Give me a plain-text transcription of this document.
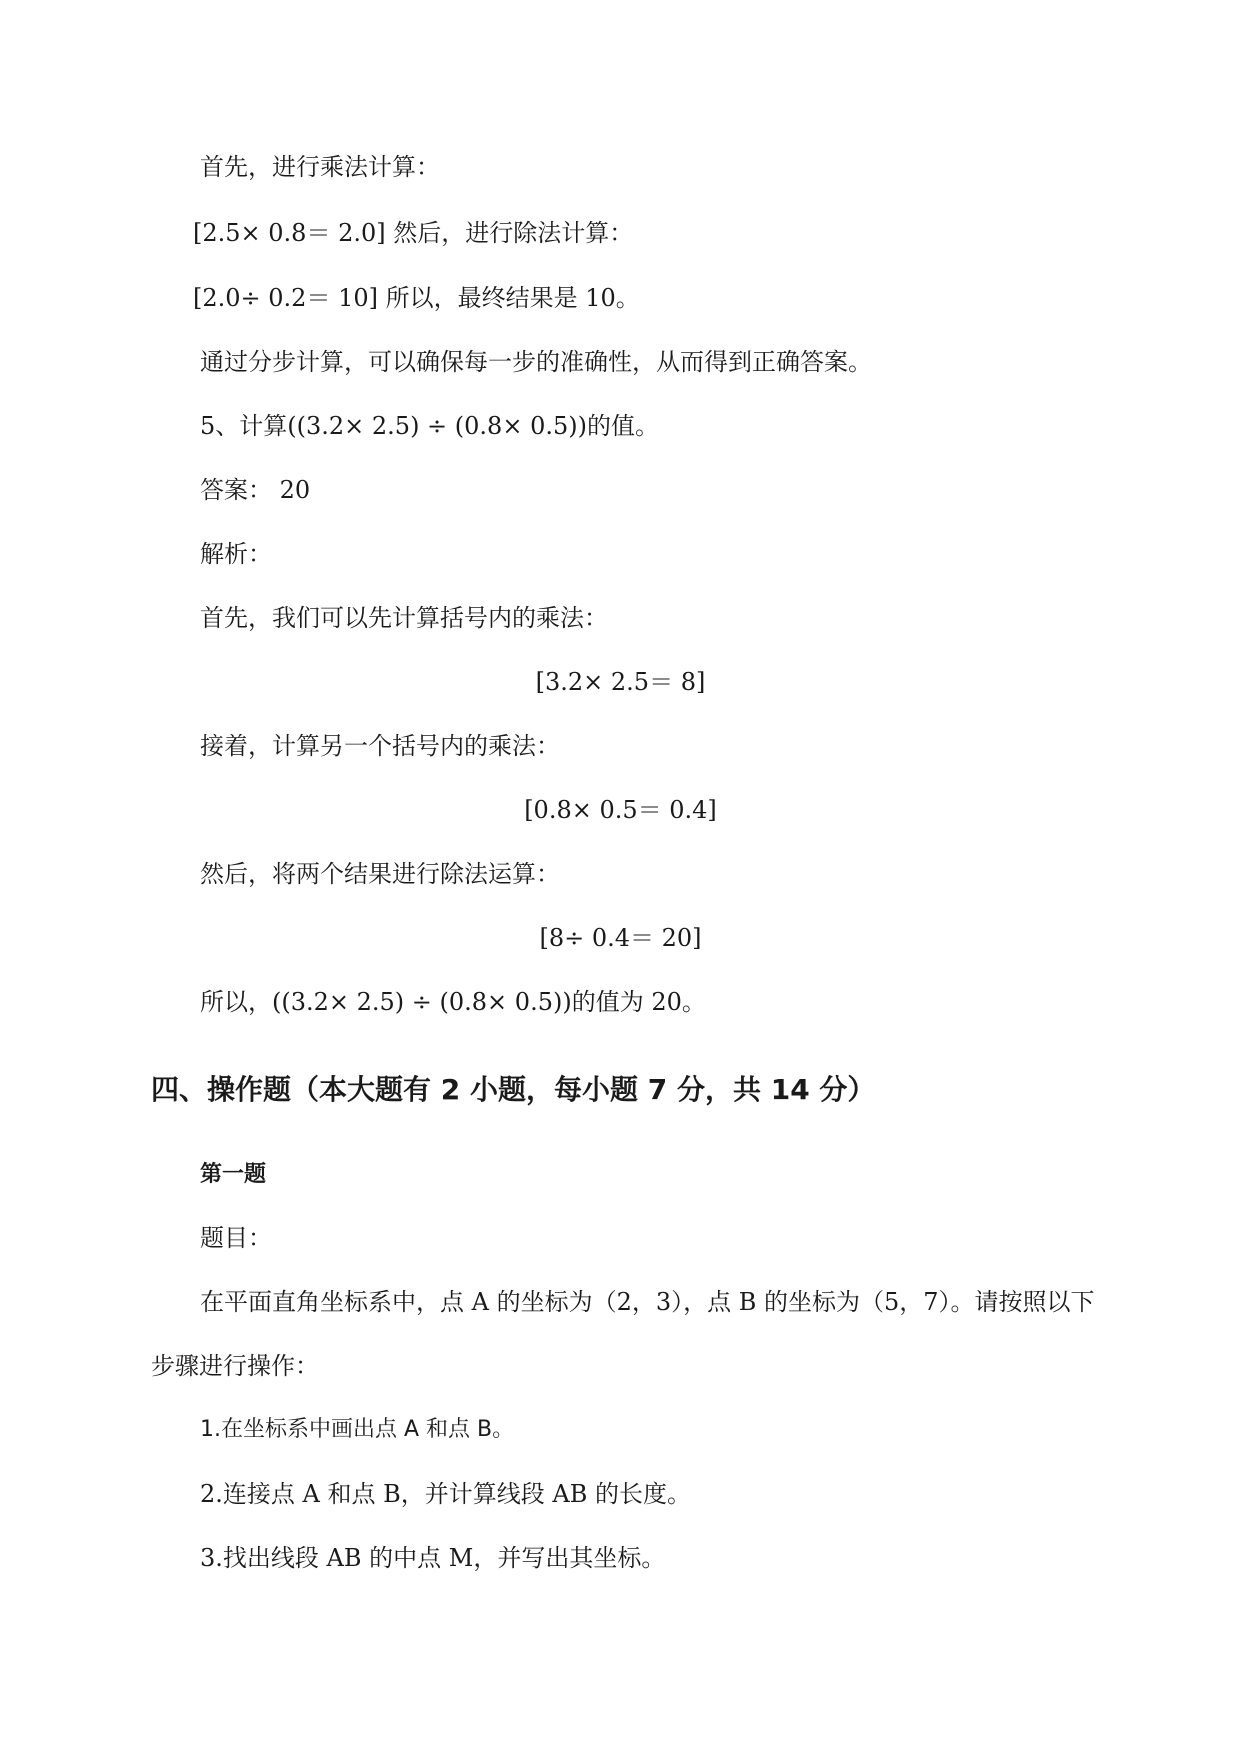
首先，进行乘法计算：
[2.5× 0.8＝ 2.0] 然后，进行除法计算：
[2.0÷ 0.2＝ 10] 所以，最终结果是 10。
通过分步计算，可以确保每一步的准确性，从而得到正确答案。
5、计算((3.2× 2.5) ÷ (0.8× 0.5))的值。
答案： 20
解析：
首先，我们可以先计算括号内的乘法：
[3.2× 2.5＝ 8]
接着，计算另一个括号内的乘法：
[0.8× 0.5＝ 0.4]
然后，将两个结果进行除法运算：
[8÷ 0.4＝ 20]
所以，((3.2× 2.5) ÷ (0.8× 0.5))的值为 20。
四、操作题（本大题有 2 小题，每小题 7 分，共 14 分）
第一题
题目：
在平面直角坐标系中，点 A 的坐标为（2，3），点 B 的坐标为（5，7）。请按照以下
步骤进行操作：
1.在坐标系中画出点 A 和点 B。
2.连接点 A 和点 B，并计算线段 AB 的长度。
3.找出线段 AB 的中点 M，并写出其坐标。
